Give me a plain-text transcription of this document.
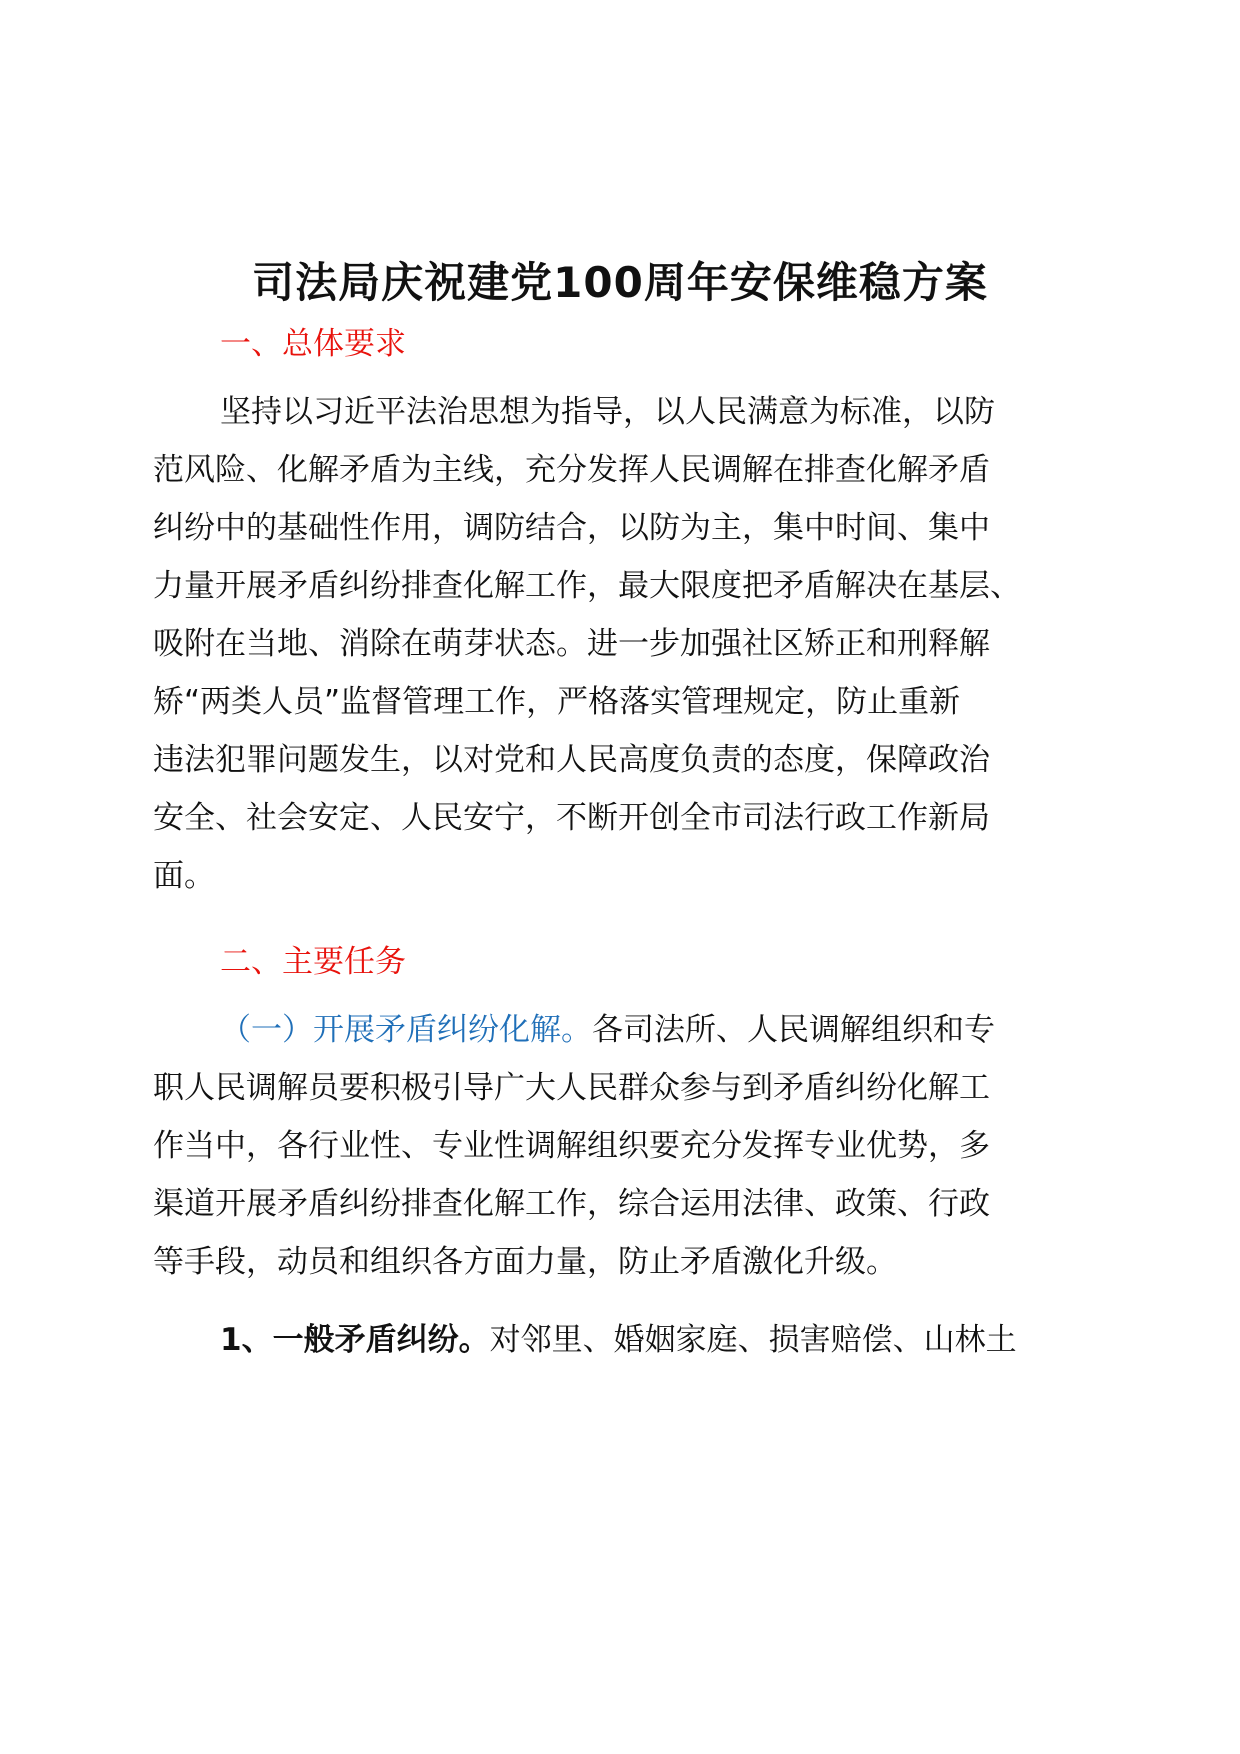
司法局庆祝建党100周年安保维稳方案
一、总体要求
坚持以习近平法治思想为指导，以人民满意为标准，以防
范风险、化解矛盾为主线，充分发挥人民调解在排查化解矛盾
纠纷中的基础性作用，调防结合，以防为主，集中时间、集中
力量开展矛盾纠纷排查化解工作，最大限度把矛盾解决在基层、
吸附在当地、消除在萌芽状态。进一步加强社区矫正和刑释解
矫“两类人员”监督管理工作，严格落实管理规定，防止重新
违法犯罪问题发生，以对党和人民高度负责的态度，保障政治
安全、社会安定、人民安宁，不断开创全市司法行政工作新局
面。
二、主要任务
（一）开展矛盾纠纷化解。各司法所、人民调解组织和专
职人民调解员要积极引导广大人民群众参与到矛盾纠纷化解工
作当中，各行业性、专业性调解组织要充分发挥专业优势，多
渠道开展矛盾纠纷排查化解工作，综合运用法律、政策、行政
等手段，动员和组织各方面力量，防止矛盾激化升级。
1、一般矛盾纠纷。对邻里、婚姻家庭、损害赔偿、山林土
